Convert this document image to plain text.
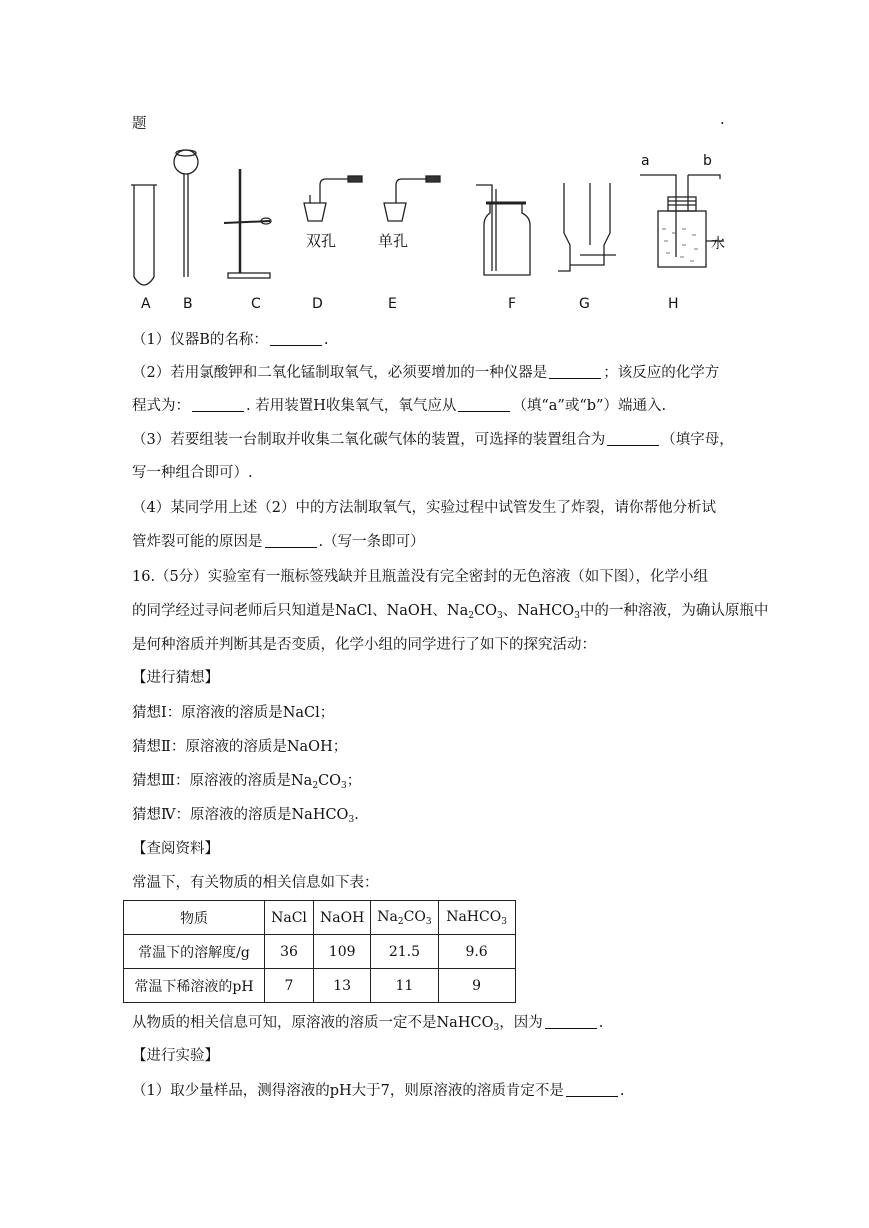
题	.
双孔	单孔
a	b
水
A B	C	D	E	F	G	H
（1）仪器B的名称：	.
（2）若用氯酸钾和二氧化锰制取氧气，必须要增加的一种仪器是	；该反应的化学方
程式为：	. 若用装置H收集氧气，氧气应从	（填“a”或“b”）端通入.
（3）若要组装一台制取并收集二氧化碳气体的装置，可选择的装置组合为	（填字母，
写一种组合即可）.
（4）某同学用上述（2）中的方法制取氧气，实验过程中试管发生了炸裂，请你帮他分析试
管炸裂可能的原因是	.（写一条即可）
16.（5分）实验室有一瓶标签残缺并且瓶盖没有完全密封的无色溶液（如下图），化学小组
的同学经过寻问老师后只知道是NaCl、NaOH、$Na_2CO_3$、NaHCO$_3$中的一种溶液，为确认原瓶中
是何种溶质并判断其是否变质，化学小组的同学进行了如下的探究活动：
【进行猜想】
猜想Ⅰ：原溶液的溶质是NaCl；
猜想Ⅱ：原溶液的溶质是NaOH；
猜想Ⅲ：原溶液的溶质是$Na_2CO_3$；
猜想Ⅳ：原溶液的溶质是NaHCO$_3$.
【查阅资料】
常温下，有关物质的相关信息如下表：
物质	NaCl	NaOH	$Na_2CO_3$	NaHCO$_3$
常温下的溶解度/g	36	109	21.5	9.6
常温下稀溶液的pH	7	13	11	9
从物质的相关信息可知，原溶液的溶质一定不是NaHCO$_3$，因为	.
【进行实验】
（1）取少量样品，测得溶液的pH大于7，则原溶液的溶质肯定不是	.
